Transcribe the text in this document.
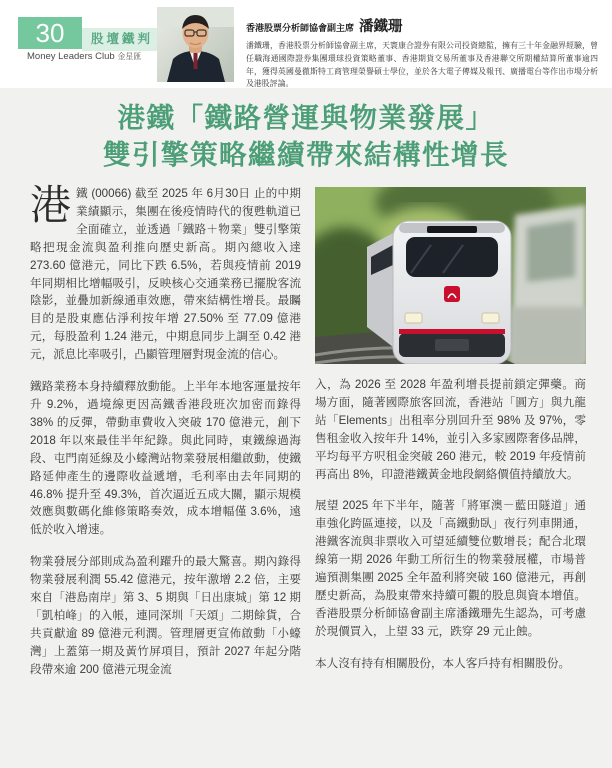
30	股壇鐵判
Money Leaders Club 金星匯
香港股票分析師協會副主席 潘鐵珊
潘鐵珊，香港股票分析師協會副主席，天寰康合證券有限公司投資總監，擁有三十年金融界經驗，曾任職海通國際證券集團環球投資策略董事、香港期貨交易所董事及香港聯交所期權結算所董事逾四年，獲得英國曼徹斯特工商管理榮譽碩士學位，並於各大電子傳媒及報刊、廣播電台等作出市場分析及港股評論。
港鐵「鐵路營運與物業發展」
雙引擎策略繼續帶來結構性增長

港鐵 (00066) 截至 2025 年 6月30日 止的中期業績顯示，集團在後疫情時代的復甦軌道已全面確立，並透過「鐵路＋物業」雙引擎策略把現金流與盈利推向歷史新高。期內總收入達 273.60 億港元，同比下跌 6.5%，若與疫情前 2019 年同期相比增幅吸引，反映核心交通業務已擺脫客流陰影，並疊加新線通車效應，帶來結構性增長。最矚目的是股東應佔淨利按年增 27.50% 至 77.09 億港元，每股盈利 1.24 港元，中期息同步上調至 0.42 港元，派息比率吸引，凸顯管理層對現金流的信心。

鐵路業務本身持續釋放動能。上半年本地客運量按年升 9.2%，過境線更因高鐵香港段班次加密而錄得 38% 的反彈，帶動車費收入突破 170 億港元，創下 2018 年以來最佳半年紀錄。與此同時，東鐵線過海段、屯門南延線及小蠔灣站物業發展相繼啟動，使鐵路延伸產生的邊際收益遞增，毛利率由去年同期的 46.8% 提升至 49.3%，首次逼近五成大關，顯示規模效應與數碼化維修策略奏效，成本增幅僅 3.6%，遠低於收入增速。

物業發展分部則成為盈利躍升的最大驚喜。期內錄得物業發展利潤 55.42 億港元，按年激增 2.2 倍，主要來自「港島南岸」第 3、5 期與「日出康城」第 12 期「凱柏峰」的入帳，連同深圳「天頌」二期餘貨，合共貢獻逾 89 億港元利潤。管理層更宣佈啟動「小蠔灣」上蓋第一期及黃竹屏項目，預計 2027 年起分階段帶來逾 200 億港元現金流

入，為 2026 至 2028 年盈利增長提前鎖定彈藥。商場方面，隨著國際旅客回流，香港站「圓方」與九龍站「Elements」出租率分別回升至 98% 及 97%，零售租金收入按年升 14%，並引入多家國際奢侈品牌，平均每平方呎租金突破 260 港元，較 2019 年疫情前再高出 8%，印證港鐵黃金地段網絡價值持續放大。

展望 2025 年下半年，隨著「將軍澳－藍田隧道」通車強化跨區連接，以及「高鐵動臥」夜行列車開通，港鐵客流與非票收入可望延續雙位數增長；配合北環線第一期 2026 年動工所衍生的物業發展權，市場普遍預測集團 2025 全年盈利將突破 160 億港元，再創歷史新高，為股東帶來持續可觀的股息與資本增值。香港股票分析師協會副主席潘鐵珊先生認為，可考慮於現價買入，上望 33 元，跌穿 29 元止蝕。

本人沒有持有相關股份，本人客戶持有相關股份。
